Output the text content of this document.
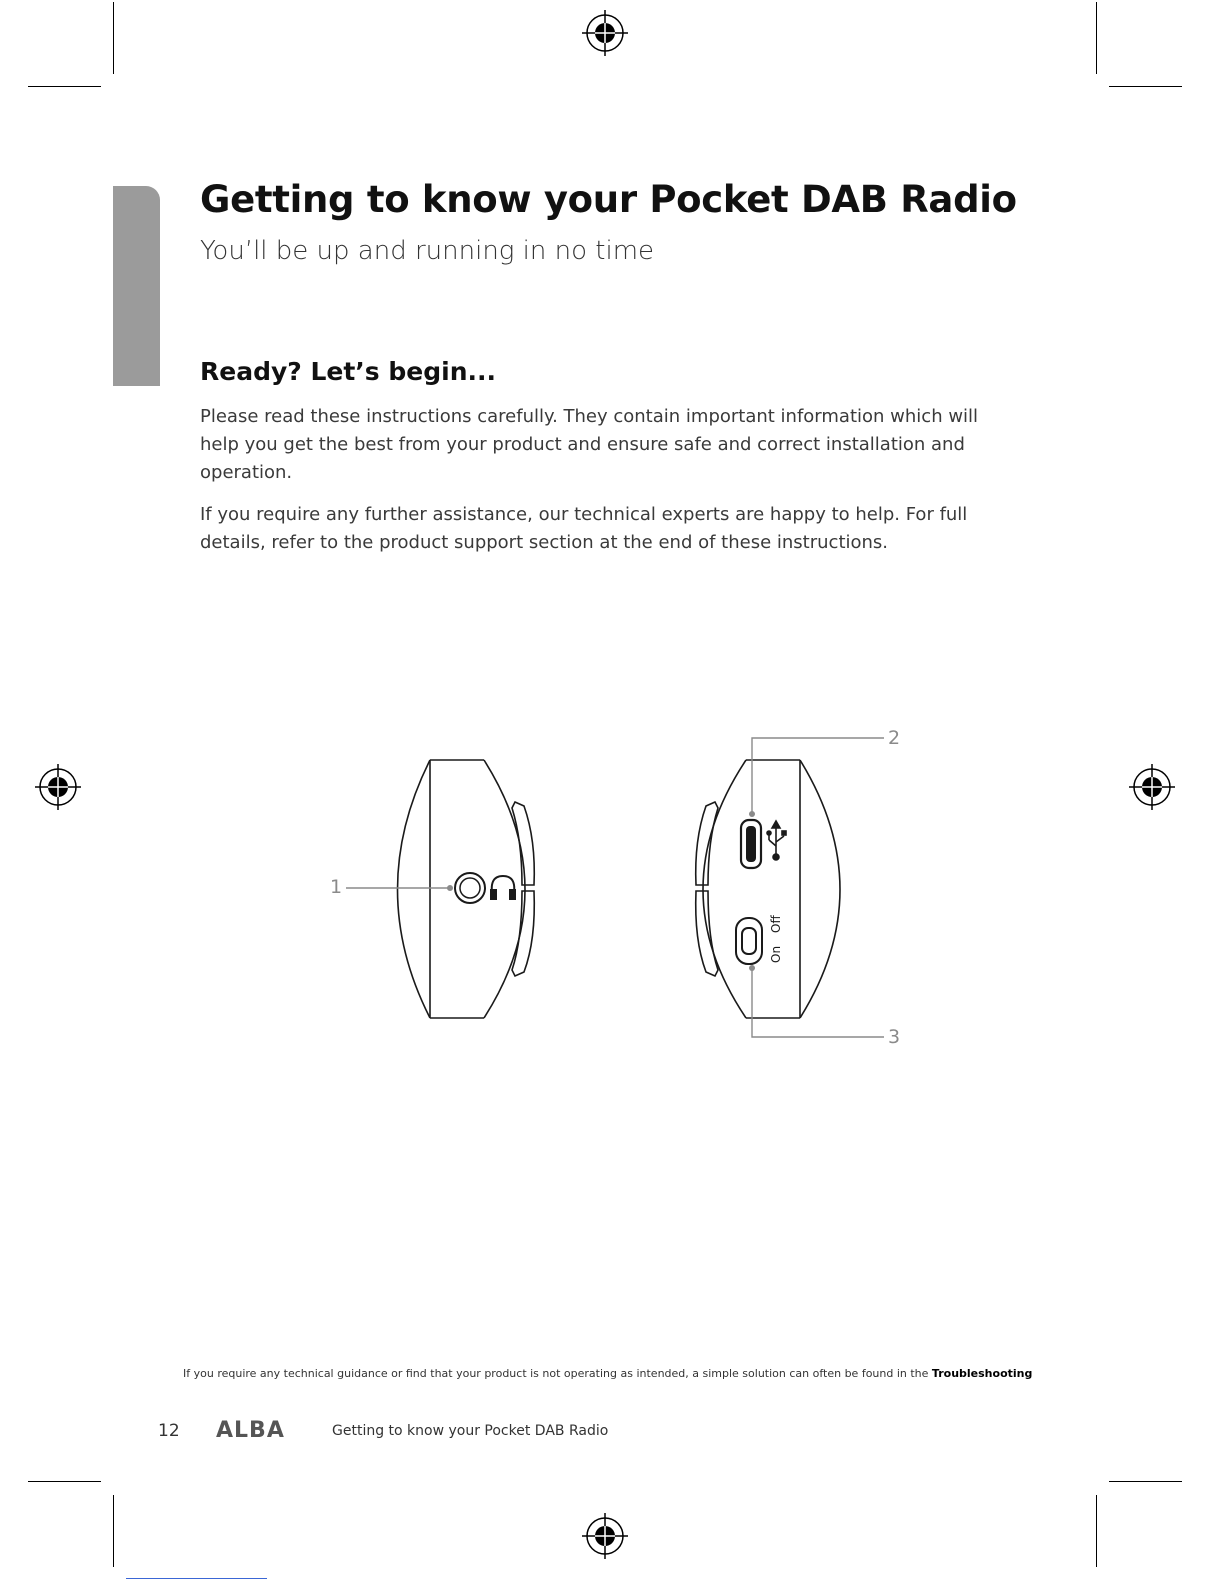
Getting to know your Pocket DAB Radio

You’ll be up and running in no time

Ready? Let’s begin...

Please read these instructions carefully. They contain important information which will help you get the best from your product and ensure safe and correct installation and operation.

If you require any further assistance, our technical experts are happy to help. For full details, refer to the product support section at the end of these instructions.

On
Off
1
2
3

If you require any technical guidance or find that your product is not operating as intended, a simple solution can often be found in the Troubleshooting

12 ALBA	Getting to know your Pocket DAB Radio
